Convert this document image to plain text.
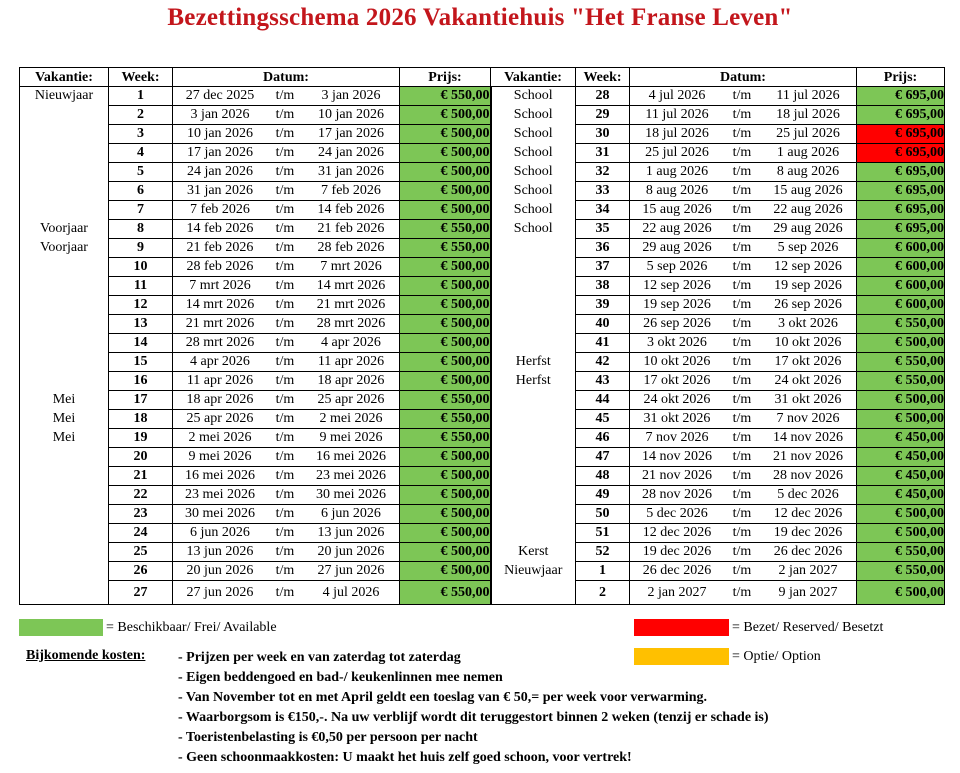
Bezettingsschema 2026 Vakantiehuis "Het Franse Leven"
Vakantie:	Week:	Datum:	Prijs:	Vakantie:	Week:	Datum:	Prijs:
Nieuwjaar	1	27 dec 2025 t/m 3 jan 2026	€ 550,00	School	28	4 jul 2026 t/m 11 jul 2026	€ 695,00
	2	3 jan 2026 t/m 10 jan 2026	€ 500,00	School	29	11 jul 2026 t/m 18 jul 2026	€ 695,00
	3	10 jan 2026 t/m 17 jan 2026	€ 500,00	School	30	18 jul 2026 t/m 25 jul 2026	€ 695,00
	4	17 jan 2026 t/m 24 jan 2026	€ 500,00	School	31	25 jul 2026 t/m 1 aug 2026	€ 695,00
	5	24 jan 2026 t/m 31 jan 2026	€ 500,00	School	32	1 aug 2026 t/m 8 aug 2026	€ 695,00
	6	31 jan 2026 t/m 7 feb 2026	€ 500,00	School	33	8 aug 2026 t/m 15 aug 2026	€ 695,00
	7	7 feb 2026 t/m 14 feb 2026	€ 500,00	School	34	15 aug 2026 t/m 22 aug 2026	€ 695,00
Voorjaar	8	14 feb 2026 t/m 21 feb 2026	€ 550,00	School	35	22 aug 2026 t/m 29 aug 2026	€ 695,00
Voorjaar	9	21 feb 2026 t/m 28 feb 2026	€ 550,00		36	29 aug 2026 t/m 5 sep 2026	€ 600,00
	10	28 feb 2026 t/m 7 mrt 2026	€ 500,00		37	5 sep 2026 t/m 12 sep 2026	€ 600,00
	11	7 mrt 2026 t/m 14 mrt 2026	€ 500,00		38	12 sep 2026 t/m 19 sep 2026	€ 600,00
	12	14 mrt 2026 t/m 21 mrt 2026	€ 500,00		39	19 sep 2026 t/m 26 sep 2026	€ 600,00
	13	21 mrt 2026 t/m 28 mrt 2026	€ 500,00		40	26 sep 2026 t/m 3 okt 2026	€ 550,00
	14	28 mrt 2026 t/m 4 apr 2026	€ 500,00		41	3 okt 2026 t/m 10 okt 2026	€ 500,00
	15	4 apr 2026 t/m 11 apr 2026	€ 500,00	Herfst	42	10 okt 2026 t/m 17 okt 2026	€ 550,00
	16	11 apr 2026 t/m 18 apr 2026	€ 500,00	Herfst	43	17 okt 2026 t/m 24 okt 2026	€ 550,00
Mei	17	18 apr 2026 t/m 25 apr 2026	€ 550,00		44	24 okt 2026 t/m 31 okt 2026	€ 500,00
Mei	18	25 apr 2026 t/m 2 mei 2026	€ 550,00		45	31 okt 2026 t/m 7 nov 2026	€ 500,00
Mei	19	2 mei 2026 t/m 9 mei 2026	€ 550,00		46	7 nov 2026 t/m 14 nov 2026	€ 450,00
	20	9 mei 2026 t/m 16 mei 2026	€ 500,00		47	14 nov 2026 t/m 21 nov 2026	€ 450,00
	21	16 mei 2026 t/m 23 mei 2026	€ 500,00		48	21 nov 2026 t/m 28 nov 2026	€ 450,00
	22	23 mei 2026 t/m 30 mei 2026	€ 500,00		49	28 nov 2026 t/m 5 dec 2026	€ 450,00
	23	30 mei 2026 t/m 6 jun 2026	€ 500,00		50	5 dec 2026 t/m 12 dec 2026	€ 500,00
	24	6 jun 2026 t/m 13 jun 2026	€ 500,00		51	12 dec 2026 t/m 19 dec 2026	€ 500,00
	25	13 jun 2026 t/m 20 jun 2026	€ 500,00	Kerst	52	19 dec 2026 t/m 26 dec 2026	€ 550,00
	26	20 jun 2026 t/m 27 jun 2026	€ 500,00	Nieuwjaar	1	26 dec 2026 t/m 2 jan 2027	€ 550,00
	27	27 jun 2026 t/m 4 jul 2026	€ 550,00		2	2 jan 2027 t/m 9 jan 2027	€ 500,00
= Beschikbaar/ Frei/ Available	= Bezet/ Reserved/ Besetzt
= Optie/ Option
Bijkomende kosten:	- Prijzen per week en van zaterdag tot zaterdag
- Eigen beddengoed en bad-/ keukenlinnen mee nemen
- Van November tot en met April geldt een toeslag van € 50,= per week voor verwarming.
- Waarborgsom is €150,-. Na uw verblijf wordt dit teruggestort binnen 2 weken (tenzij er schade is)
- Toeristenbelasting is €0,50 per persoon per nacht
- Geen schoonmaakkosten: U maakt het huis zelf goed schoon, voor vertrek!
